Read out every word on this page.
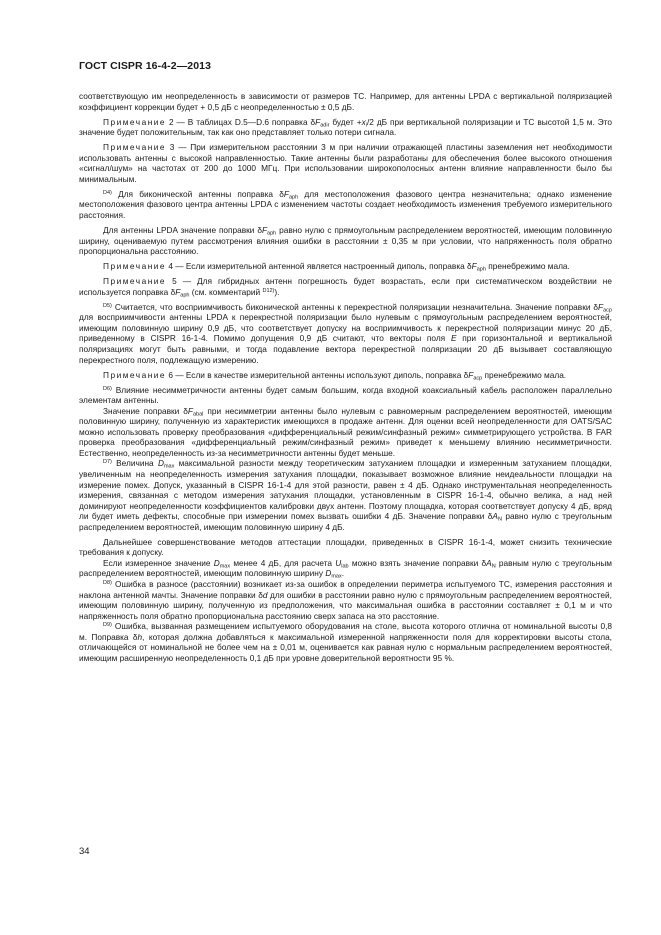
ГОСТ CISPR 16-4-2—2013

соответствующую им неопределенность в зависимости от размеров ТС. Например, для антенны LPDA с вертикальной поляризацией коэффициент коррекции будет + 0,5 дБ с неопределенностью ± 0,5 дБ.

Примечание 2 — В таблицах D.5—D.6 поправка $\delta F_{adir}$ будет $+x_i/2$ дБ при вертикальной поляризации и ТС высотой 1,5 м. Это значение будет положительным, так как оно представляет только потери сигнала.

Примечание 3 — При измерительном расстоянии 3 м при наличии отражающей пластины заземления нет необходимости использовать антенны с высокой направленностью. Такие антенны были разработаны для обеспечения более высокого отношения «сигнал/шум» на частотах от 200 до 1000 МГц. При использовании широкополосных антенн влияние направленности было бы минимальным.

$^{D4)}$ Для биконической антенны поправка $\delta F_{aph}$ для местоположения фазового центра незначительна; однако изменение местоположения фазового центра антенны LPDA с изменением частоты создает необходимость изменения требуемого измерительного расстояния.

Для антенны LPDA значение поправки $\delta F_{aph}$ равно нулю с прямоугольным распределением вероятностей, имеющим половинную ширину, оцениваемую путем рассмотрения влияния ошибки в расстоянии ± 0,35 м при условии, что напряженность поля обратно пропорциональна расстоянию.

Примечание 4 — Если измерительной антенной является настроенный диполь, поправка $\delta F_{aph}$ пренебрежимо мала.

Примечание 5 — Для гибридных антенн погрешность будет возрастать, если при систематическом воздействии не используется поправка $\delta F_{aph}$ (см. комментарий $^{D12)}$).

$^{D5)}$ Считается, что восприимчивость биконической антенны к перекрестной поляризации незначительна. Значение поправки $\delta F_{acp}$ для восприимчивости антенны LPDA к перекрестной поляризации было нулевым с прямоугольным распределением вероятностей, имеющим половинную ширину 0,9 дБ, что соответствует допуску на восприимчивость к перекрестной поляризации минус 20 дБ, приведенному в CISPR 16-1-4. Помимо допущения 0,9 дБ считают, что векторы поля E при горизонтальной и вертикальной поляризациях могут быть равными, и тогда подавление вектора перекрестной поляризации 20 дБ вызывает составляющую перекрестного поля, подлежащую измерению.

Примечание 6 — Если в качестве измерительной антенны используют диполь, поправка $\delta F_{acp}$ пренебрежимо мала.

$^{D6)}$ Влияние несимметричности антенны будет самым большим, когда входной коаксиальный кабель расположен параллельно элементам антенны.

Значение поправки $\delta F_{abal}$ при несимметрии антенны было нулевым с равномерным распределением вероятностей, имеющим половинную ширину, полученную из характеристик имеющихся в продаже антенн. Для оценки всей неопределенности для OATS/SAC можно использовать проверку преобразования «дифференциальный режим/синфазный режим» симметрирующего устройства. В FAR проверка преобразования «дифференциальный режим/синфазный режим» приведет к меньшему влиянию несимметричности. Естественно, неопределенность из-за несимметричности антенны будет меньше.

$^{D7)}$ Величина $D_{max}$ максимальной разности между теоретическим затуханием площадки и измеренным затуханием площадки, увеличенным на неопределенность измерения затухания площадки, показывает возможное влияние неидеальности площадки на измерение помех. Допуск, указанный в CISPR 16-1-4 для этой разности, равен ± 4 дБ. Однако инструментальная неопределенность измерения, связанная с методом измерения затухания площадки, установленным в CISPR 16-1-4, обычно велика, а над ней доминируют неопределенности коэффициентов калибровки двух антенн. Поэтому площадка, которая соответствует допуску 4 дБ, вряд ли будет иметь дефекты, способные при измерении помех вызвать ошибки 4 дБ. Значение поправки $\delta A_N$ равно нулю с треугольным распределением вероятностей, имеющим половинную ширину 4 дБ.

Дальнейшее совершенствование методов аттестации площадки, приведенных в CISPR 16-1-4, может снизить технические требования к допуску.

Если измеренное значение $D_{max}$ менее 4 дБ, для расчета $U_{lab}$ можно взять значение поправки $\delta A_N$ равным нулю с треугольным распределением вероятностей, имеющим половинную ширину $D_{max}$.

$^{D8)}$ Ошибка в разносе (расстоянии) возникает из-за ошибок в определении периметра испытуемого ТС, измерения расстояния и наклона антенной мачты. Значение поправки δd для ошибки в расстоянии равно нулю с прямоугольным распределением вероятностей, имеющим половинную ширину, полученную из предположения, что максимальная ошибка в расстоянии составляет ± 0,1 м и что напряженность поля обратно пропорциональна расстоянию сверх запаса на это расстояние.

$^{D9)}$ Ошибка, вызванная размещением испытуемого оборудования на столе, высота которого отлична от номинальной высоты 0,8 м. Поправка δh, которая должна добавляться к максимальной измеренной напряженности поля для корректировки высоты стола, отличающейся от номинальной не более чем на ± 0,01 м, оценивается как равная нулю с нормальным распределением вероятностей, имеющим расширенную неопределенность 0,1 дБ при уровне доверительной вероятности 95 %.

34
